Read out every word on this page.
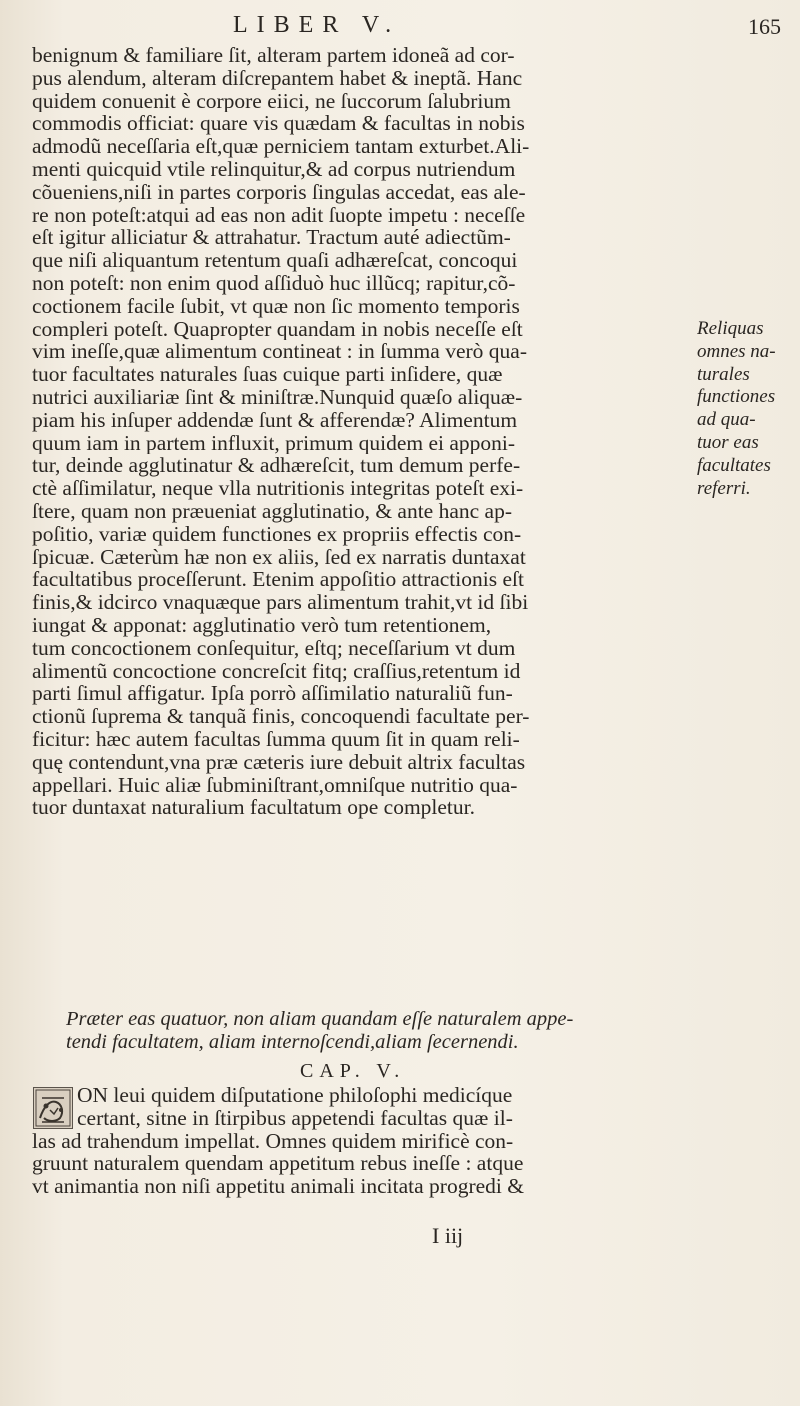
LIBER V.	165
benignum & familiare ſit, alteram partem idoneã ad cor-
pus alendum, alteram diſcrepantem habet & ineptã. Hanc
quidem conuenit è corpore eiici, ne ſuccorum ſalubrium
commodis officiat: quare vis quædam & facultas in nobis
admodũ neceſſaria eſt,quæ perniciem tantam exturbet.Ali-
menti quicquid vtile relinquitur,& ad corpus nutriendum
cõueniens,niſi in partes corporis ſingulas accedat, eas ale-
re non poteſt:atqui ad eas non adit ſuopte impetu : neceſſe
eſt igitur alliciatur & attrahatur. Tractum auté adiectũm-
que niſi aliquantum retentum quaſi adhæreſcat, concoqui
non poteſt: non enim quod aſſiduò huc illũcq; rapitur,cõ-
coctionem facile ſubit, vt quæ non ſic momento temporis
compleri poteſt. Quapropter quandam in nobis neceſſe eſt
vim ineſſe,quæ alimentum contineat : in ſumma verò qua-
tuor facultates naturales ſuas cuique parti inſidere, quæ
nutrici auxiliariæ ſint & miniſtræ.Nunquid quæſo aliquæ-
piam his inſuper addendæ ſunt & afferendæ? Alimentum
quum iam in partem influxit, primum quidem ei apponi-
tur, deinde agglutinatur & adhæreſcit, tum demum perfe-
ctè aſſimilatur, neque vlla nutritionis integritas poteſt exi-
ſtere, quam non præueniat agglutinatio, & ante hanc ap-
poſitio, variæ quidem functiones ex propriis effectis con-
ſpicuæ. Cæterùm hæ non ex aliis, ſed ex narratis duntaxat
facultatibus proceſſerunt. Etenim appoſitio attractionis eſt
finis,& idcirco vnaquæque pars alimentum trahit,vt id ſibi
iungat & apponat: agglutinatio verò tum retentionem,
tum concoctionem conſequitur, eſtq; neceſſarium vt dum
alimentũ concoctione concreſcit fitq; craſſius,retentum id
parti ſimul affigatur. Ipſa porrò aſſimilatio naturaliũ fun-
ctionũ ſuprema & tanquã finis, concoquendi facultate per-
ficitur: hæc autem facultas ſumma quum ſit in quam reli-
quę contendunt,vna præ cæteris iure debuit altrix facultas
appellari. Huic aliæ ſubminiſtrant,omniſque nutritio qua-
tuor duntaxat naturalium facultatum ope completur.
Reliquas
omnes na-
turales
functiones
ad qua-
tuor eas
facultates
referri.
Præter eas quatuor, non aliam quandam eſſe naturalem appe-
tendi facultatem, aliam internoſcendi,aliam ſecernendi.
CAP. V.
ON leui quidem diſputatione philoſophi medicíque
certant, sitne in ſtirpibus appetendi facultas quæ il-
las ad trahendum impellat. Omnes quidem mirificè con-
gruunt naturalem quendam appetitum rebus ineſſe : atque
vt animantia non niſi appetitu animali incitata progredi &
I iij
